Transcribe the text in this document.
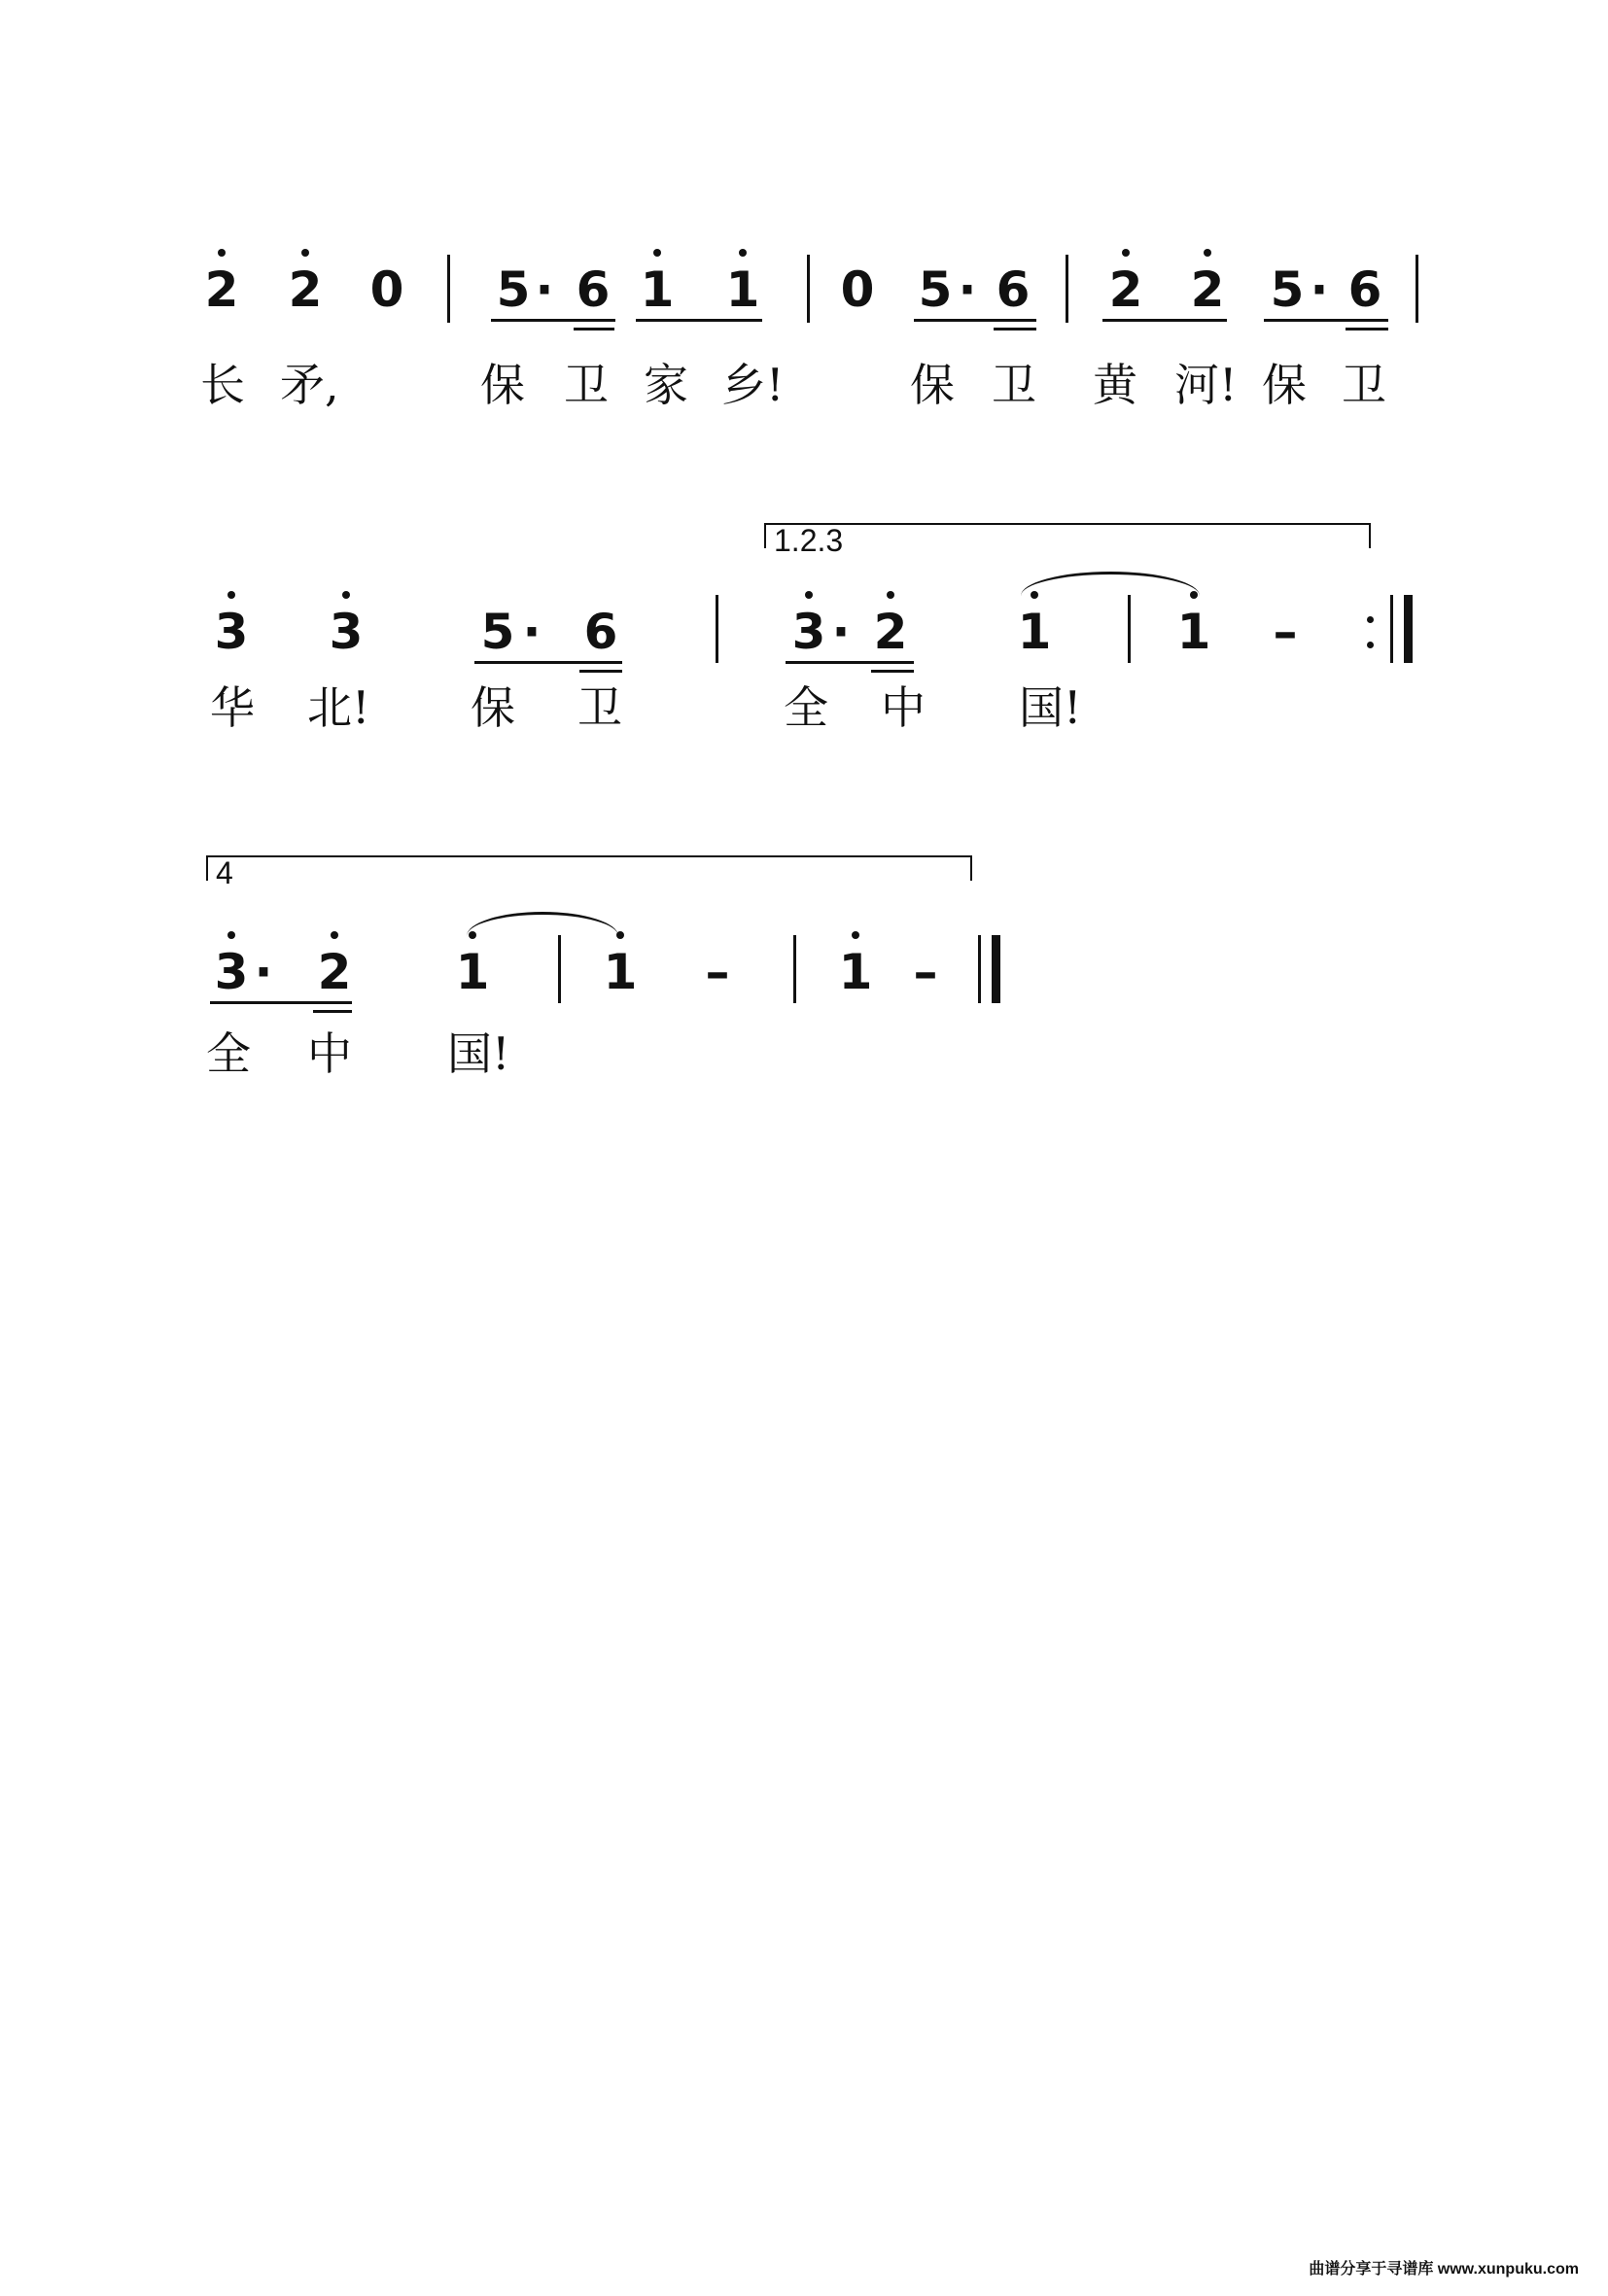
2 2 0 5 · 6 1 1 0 5 · 6 2 2 5 · 6
长 矛,	保 卫 家 乡!	保 卫 黄 河! 保 卫
1.2.3
3 3 5 · 6	3 · 2 1	1 –
华 北! 保 卫	全 中 国!
4
3 · 2 1 1 – 1 –
全 中 国!
曲谱分享于寻谱库 www.xunpuku.com
